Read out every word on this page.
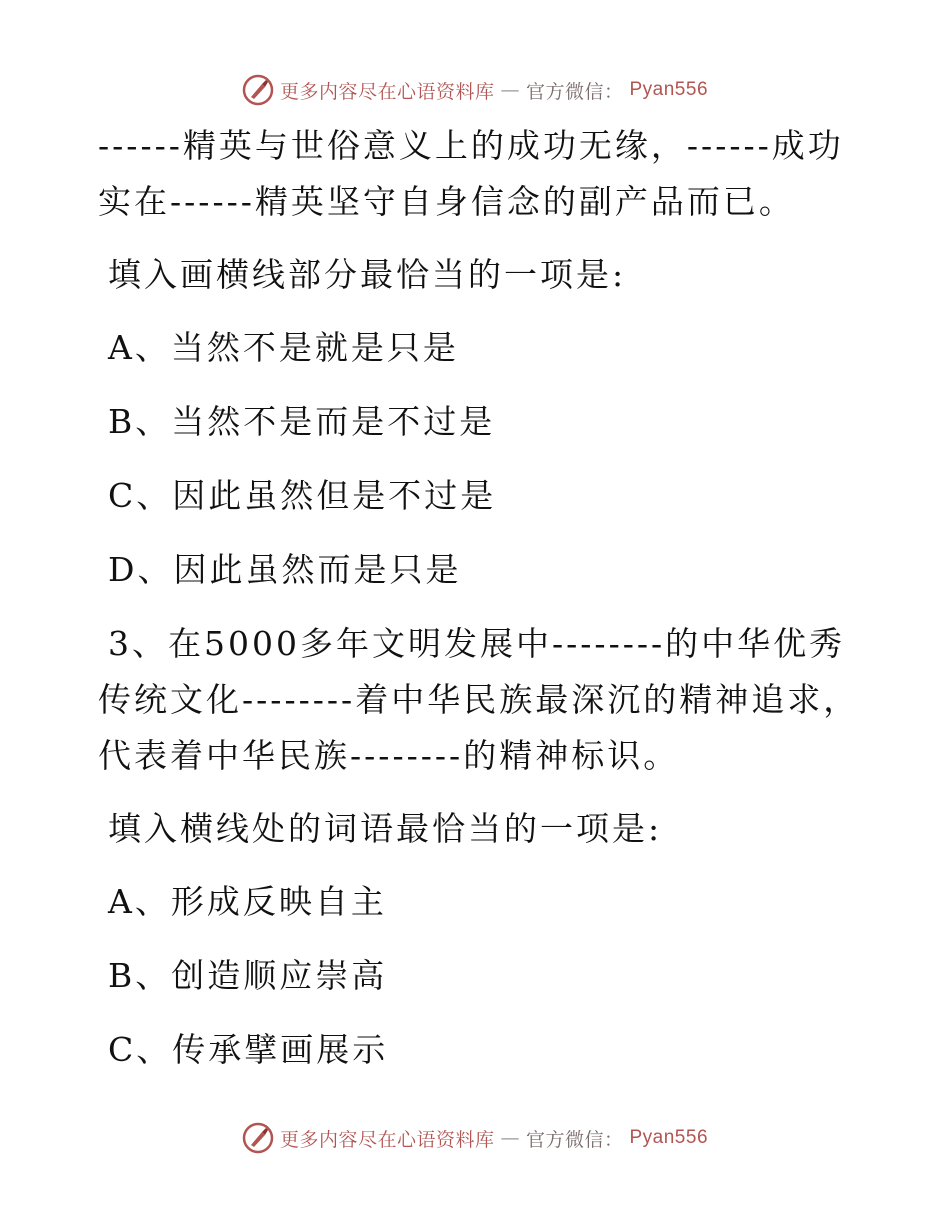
更多内容尽在心语资料库 — 官方微信： Pyan556

------精英与世俗意义上的成功无缘，------成功
实在------精英坚守自身信念的副产品而已。

填入画横线部分最恰当的一项是:

A、当然不是就是只是

B、当然不是而是不过是

C、因此虽然但是不过是

D、因此虽然而是只是

3、在5000多年文明发展中--------的中华优秀
传统文化--------着中华民族最深沉的精神追求，
代表着中华民族--------的精神标识。

填入横线处的词语最恰当的一项是:

A、形成反映自主

B、创造顺应崇高

C、传承擘画展示

更多内容尽在心语资料库 — 官方微信： Pyan556
